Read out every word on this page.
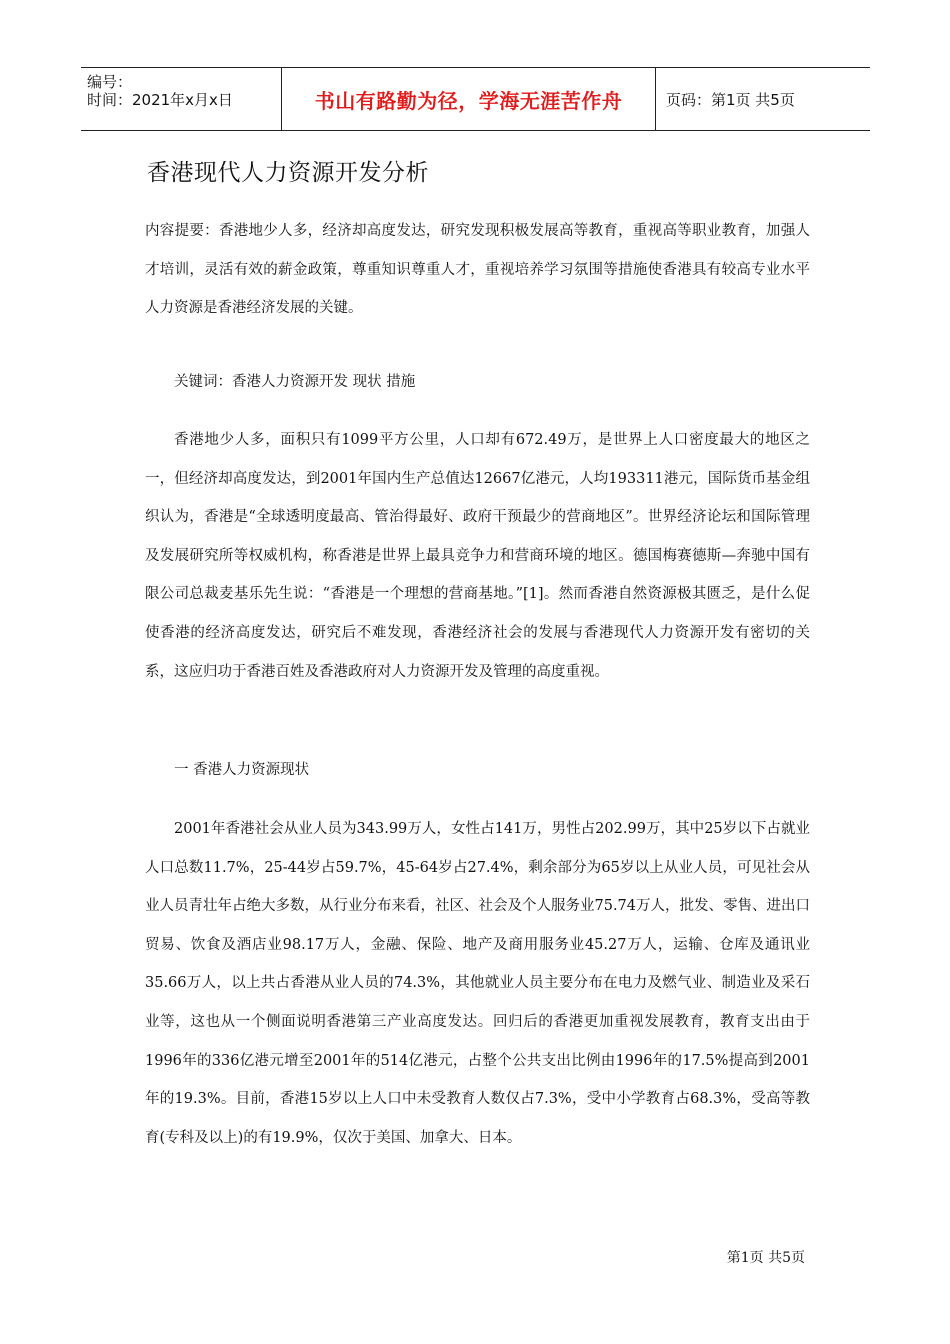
编号：
时间：2021年x月x日	书山有路勤为径，学海无涯苦作舟	页码：第1页 共5页
香港现代人力资源开发分析

内容提要：香港地少人多，经济却高度发达，研究发现积极发展高等教育，重视高等职业教育，加强人才培训，灵活有效的薪金政策，尊重知识尊重人才，重视培养学习氛围等措施使香港具有较高专业水平人力资源是香港经济发展的关键。

关键词：香港人力资源开发 现状 措施

香港地少人多，面积只有1099平方公里，人口却有672.49万，是世界上人口密度最大的地区之一，但经济却高度发达，到2001年国内生产总值达12667亿港元，人均193311港元，国际货币基金组织认为，香港是“全球透明度最高、管治得最好、政府干预最少的营商地区”。世界经济论坛和国际管理及发展研究所等权威机构，称香港是世界上最具竞争力和营商环境的地区。德国梅赛德斯—奔驰中国有限公司总裁麦基乐先生说：“香港是一个理想的营商基地。”[1]。然而香港自然资源极其匮乏，是什么促使香港的经济高度发达，研究后不难发现，香港经济社会的发展与香港现代人力资源开发有密切的关系，这应归功于香港百姓及香港政府对人力资源开发及管理的高度重视。

一 香港人力资源现状

2001年香港社会从业人员为343.99万人，女性占141万，男性占202.99万，其中25岁以下占就业人口总数11.7%，25-44岁占59.7%，45-64岁占27.4%，剩余部分为65岁以上从业人员，可见社会从业人员青壮年占绝大多数，从行业分布来看，社区、社会及个人服务业75.74万人，批发、零售、进出口贸易、饮食及酒店业98.17万人，金融、保险、地产及商用服务业45.27万人，运输、仓库及通讯业35.66万人，以上共占香港从业人员的74.3%，其他就业人员主要分布在电力及燃气业、制造业及采石业等，这也从一个侧面说明香港第三产业高度发达。回归后的香港更加重视发展教育，教育支出由于1996年的336亿港元增至2001年的514亿港元，占整个公共支出比例由1996年的17.5%提高到2001年的19.3%。目前，香港15岁以上人口中未受教育人数仅占7.3%，受中小学教育占68.3%，受高等教育(专科及以上)的有19.9%，仅次于美国、加拿大、日本。

第1页 共5页
